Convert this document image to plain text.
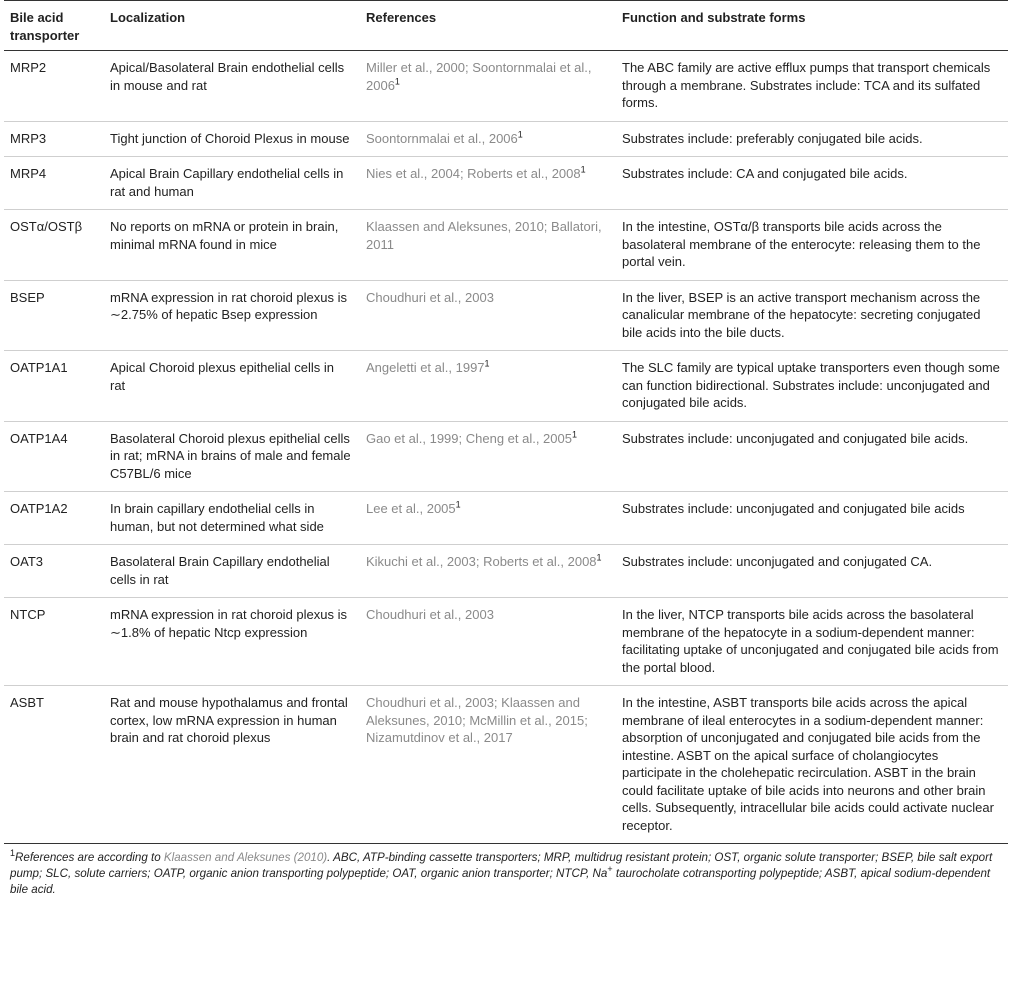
Bile acid transporter	Localization	References	Function and substrate forms
MRP2	Apical/Basolateral Brain endothelial cells in mouse and rat	Miller et al., 2000; Soontornmalai et al., 2006$^1$	The ABC family are active efflux pumps that transport chemicals through a membrane. Substrates include: TCA and its sulfated forms.
MRP3	Tight junction of Choroid Plexus in mouse	Soontornmalai et al., 2006$^1$	Substrates include: preferably conjugated bile acids.
MRP4	Apical Brain Capillary endothelial cells in rat and human	Nies et al., 2004; Roberts et al., 2008$^1$	Substrates include: CA and conjugated bile acids.
OSTα/OSTβ	No reports on mRNA or protein in brain, minimal mRNA found in mice	Klaassen and Aleksunes, 2010; Ballatori, 2011	In the intestine, OSTα/β transports bile acids across the basolateral membrane of the enterocyte: releasing them to the portal vein.
BSEP	mRNA expression in rat choroid plexus is ∼2.75% of hepatic Bsep expression	Choudhuri et al., 2003	In the liver, BSEP is an active transport mechanism across the canalicular membrane of the hepatocyte: secreting conjugated bile acids into the bile ducts.
OATP1A1	Apical Choroid plexus epithelial cells in rat	Angeletti et al., 1997$^1$	The SLC family are typical uptake transporters even though some can function bidirectional. Substrates include: unconjugated and conjugated bile acids.
OATP1A4	Basolateral Choroid plexus epithelial cells in rat; mRNA in brains of male and female C57BL/6 mice	Gao et al., 1999; Cheng et al., 2005$^1$	Substrates include: unconjugated and conjugated bile acids.
OATP1A2	In brain capillary endothelial cells in human, but not determined what side	Lee et al., 2005$^1$	Substrates include: unconjugated and conjugated bile acids
OAT3	Basolateral Brain Capillary endothelial cells in rat	Kikuchi et al., 2003; Roberts et al., 2008$^1$	Substrates include: unconjugated and conjugated CA.
NTCP	mRNA expression in rat choroid plexus is ∼1.8% of hepatic Ntcp expression	Choudhuri et al., 2003	In the liver, NTCP transports bile acids across the basolateral membrane of the hepatocyte in a sodium-dependent manner: facilitating uptake of unconjugated and conjugated bile acids from the portal blood.
ASBT	Rat and mouse hypothalamus and frontal cortex, low mRNA expression in human brain and rat choroid plexus	Choudhuri et al., 2003; Klaassen and Aleksunes, 2010; McMillin et al., 2015; Nizamutdinov et al., 2017	In the intestine, ASBT transports bile acids across the apical membrane of ileal enterocytes in a sodium-dependent manner: absorption of unconjugated and conjugated bile acids from the intestine. ASBT on the apical surface of cholangiocytes participate in the cholehepatic recirculation. ASBT in the brain could facilitate uptake of bile acids into neurons and other brain cells. Subsequently, intracellular bile acids could activate nuclear receptor.
$^1$References are according to Klaassen and Aleksunes (2010). ABC, ATP-binding cassette transporters; MRP, multidrug resistant protein; OST, organic solute transporter; BSEP, bile salt export pump; SLC, solute carriers; OATP, organic anion transporting polypeptide; OAT, organic anion transporter; NTCP, Na+ taurocholate cotransporting polypeptide; ASBT, apical sodium-dependent bile acid.
